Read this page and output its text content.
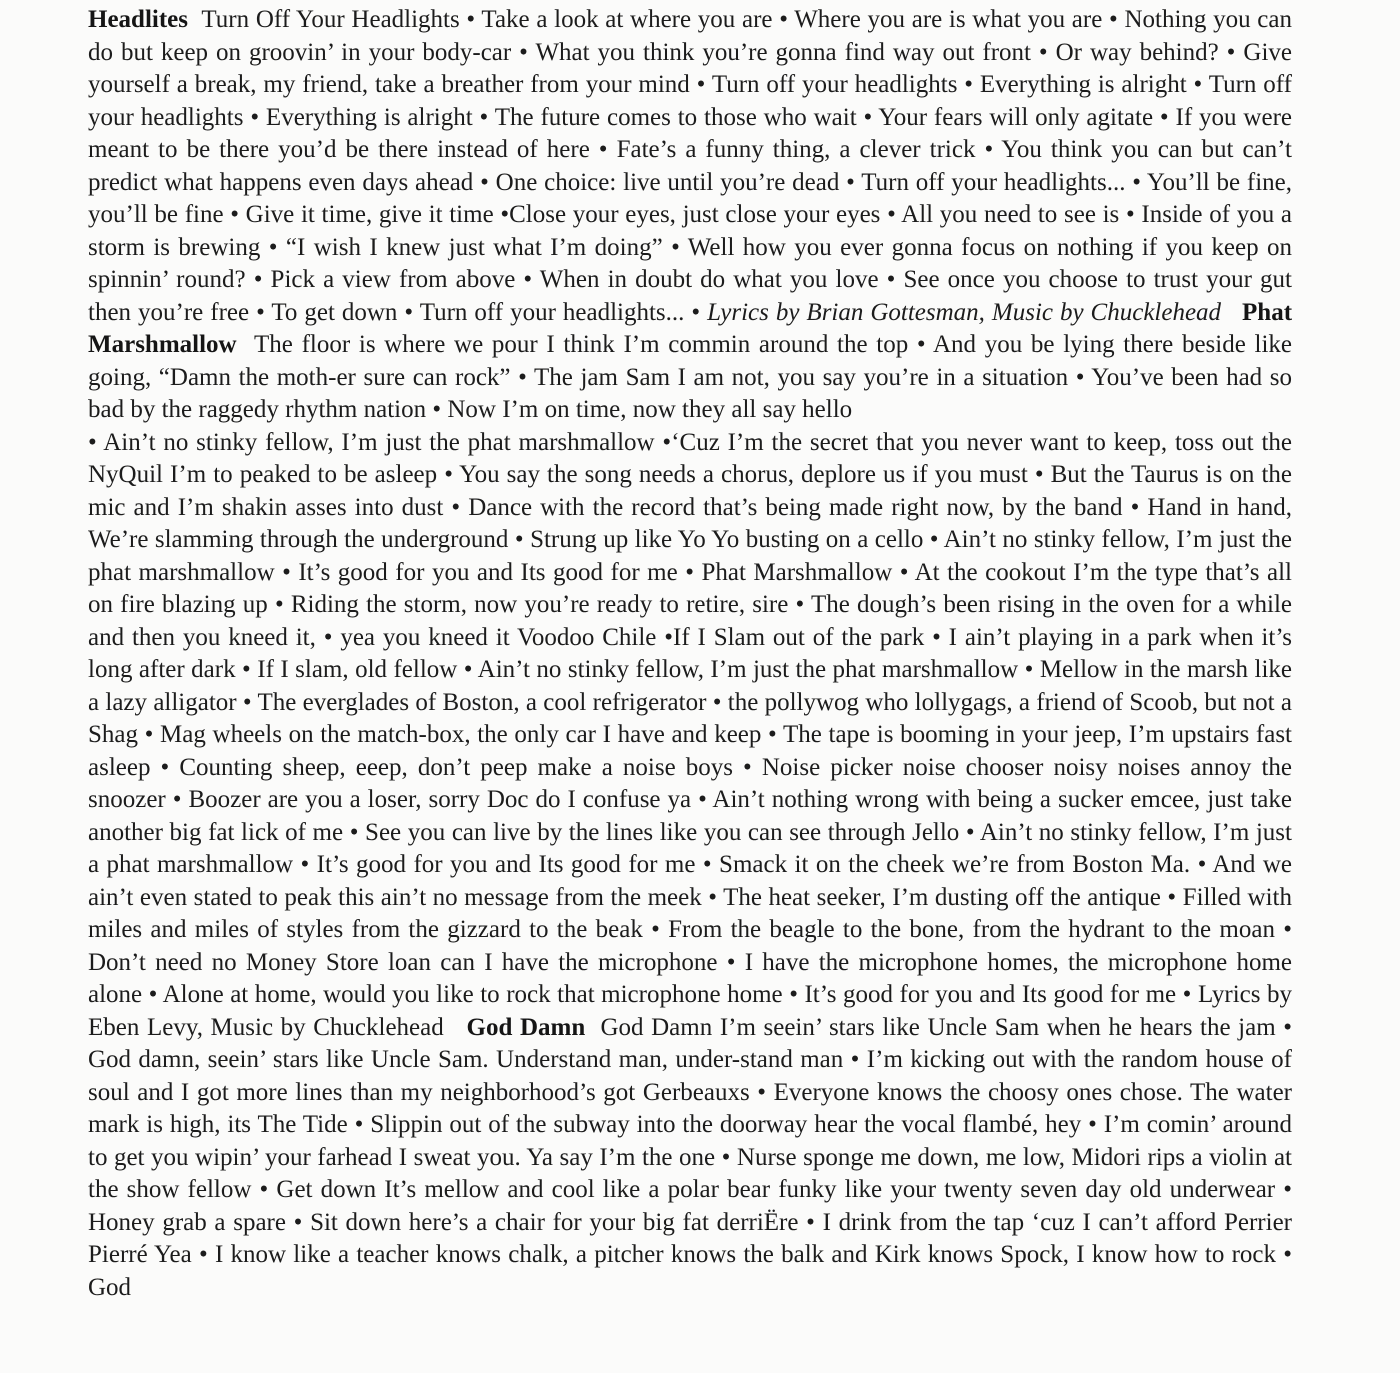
Headlites Turn Off Your Headlights • Take a look at where you are • Where you are is what you are • Nothing you can do but keep on groovin’ in your body-car • What you think you’re gonna find way out front • Or way behind? • Give yourself a break, my friend, take a breather from your mind • Turn off your headlights • Everything is alright • Turn off your headlights • Everything is alright • The future comes to those who wait • Your fears will only agitate • If you were meant to be there you’d be there instead of here • Fate’s a funny thing, a clever trick • You think you can but can’t predict what happens even days ahead • One choice: live until you’re dead • Turn off your headlights... • You’ll be fine, you’ll be fine • Give it time, give it time •Close your eyes, just close your eyes • All you need to see is • Inside of you a storm is brewing • “I wish I knew just what I’m doing” • Well how you ever gonna focus on nothing if you keep on spinnin’ round? • Pick a view from above • When in doubt do what you love • See once you choose to trust your gut then you’re free • To get down • Turn off your headlights... • Lyrics by Brian Gottesman, Music by Chucklehead Phat Marshmallow The floor is where we pour I think I’m commin around the top • And you be lying there beside like going, “Damn the moth-er sure can rock” • The jam Sam I am not, you say you’re in a situation • You’ve been had so bad by the raggedy rhythm nation • Now I’m on time, now they all say hello

• Ain’t no stinky fellow, I’m just the phat marshmallow •‘Cuz I’m the secret that you never want to keep, toss out the NyQuil I’m to peaked to be asleep • You say the song needs a chorus, deplore us if you must • But the Taurus is on the mic and I’m shakin asses into dust • Dance with the record that’s being made right now, by the band • Hand in hand, We’re slamming through the underground • Strung up like Yo Yo busting on a cello • Ain’t no stinky fellow, I’m just the phat marshmallow • It’s good for you and Its good for me • Phat Marshmallow • At the cookout I’m the type that’s all on fire blazing up • Riding the storm, now you’re ready to retire, sire • The dough’s been rising in the oven for a while and then you kneed it, • yea you kneed it Voodoo Chile •If I Slam out of the park • I ain’t playing in a park when it’s long after dark • If I slam, old fellow • Ain’t no stinky fellow, I’m just the phat marshmallow • Mellow in the marsh like a lazy alligator • The everglades of Boston, a cool refrigerator • the pollywog who lollygags, a friend of Scoob, but not a Shag • Mag wheels on the match-box, the only car I have and keep • The tape is booming in your jeep, I’m upstairs fast asleep • Counting sheep, eeep, don’t peep make a noise boys • Noise picker noise chooser noisy noises annoy the snoozer • Boozer are you a loser, sorry Doc do I confuse ya • Ain’t nothing wrong with being a sucker emcee, just take another big fat lick of me • See you can live by the lines like you can see through Jello • Ain’t no stinky fellow, I’m just a phat marshmallow • It’s good for you and Its good for me • Smack it on the cheek we’re from Boston Ma. • And we ain’t even stated to peak this ain’t no message from the meek • The heat seeker, I’m dusting off the antique • Filled with miles and miles of styles from the gizzard to the beak • From the beagle to the bone, from the hydrant to the moan • Don’t need no Money Store loan can I have the microphone • I have the microphone homes, the microphone home alone • Alone at home, would you like to rock that microphone home • It’s good for you and Its good for me • Lyrics by Eben Levy, Music by Chucklehead God Damn God Damn I’m seein’ stars like Uncle Sam when he hears the jam • God damn, seein’ stars like Uncle Sam. Understand man, under-stand man • I’m kicking out with the random house of soul and I got more lines than my neighborhood’s got Gerbeauxs • Everyone knows the choosy ones chose. The water mark is high, its The Tide • Slippin out of the subway into the doorway hear the vocal flambé, hey • I’m comin’ around to get you wipin’ your farhead I sweat you. Ya say I’m the one • Nurse sponge me down, me low, Midori rips a violin at the show fellow • Get down It’s mellow and cool like a polar bear funky like your twenty seven day old underwear • Honey grab a spare • Sit down here’s a chair for your big fat derriËre • I drink from the tap ‘cuz I can’t afford Perrier Pierré Yea • I know like a teacher knows chalk, a pitcher knows the balk and Kirk knows Spock, I know how to rock • God
